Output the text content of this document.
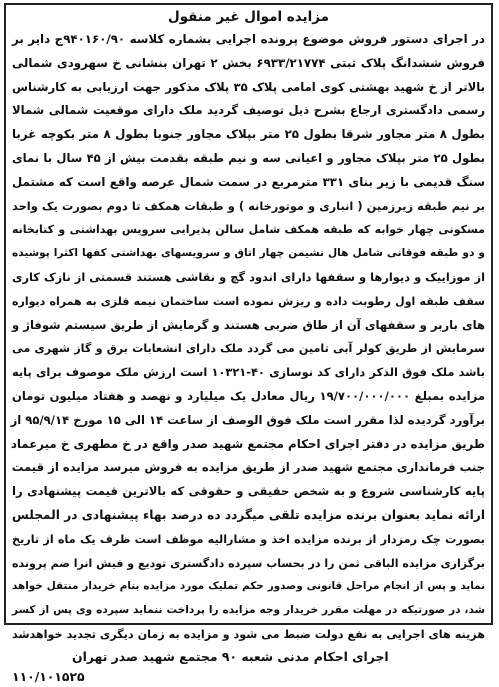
مزایده اموال غیر منقول
در اجرای دستور فروش موضوع پرونده اجرایی بشماره کلاسه ۹۴۰۱۶۰/۹۰ج دایر بر
فروش ششدانگ پلاک ثبتی ۶۹۳۳/۲۱۷۷۴ بخش ۲ تهران بنشانی خ سهرودی شمالی
بالاتر از خ شهید بهشتی کوی امامی پلاک ۳۵ پلاک مذکور جهت ارزیابی به کارشناس
رسمی دادگستری ارجاع بشرح ذیل توصیف گردید ملک دارای موقعیت شمالی شمالا
بطول ۸ متر مجاور شرقا بطول ۲۵ متر بپلاک مجاور جنوبا بطول ۸ متر بکوچه غربا
بطول ۲۵ متر بپلاک مجاور و اعیانی سه و نیم طبقه بقدمت بیش از ۴۵ سال با نمای
سنگ قدیمی با زیر بنای ۳۳۱ مترمربع در سمت شمال عرصه واقع است که مشتمل
بر نیم طبقه زیرزمین ( انباری و موتورخانه ) و طبقات همکف تا دوم بصورت یک واحد
مسکونی چهار خوابه که طبقه همکف شامل سالن پذیرایی سرویس بهداشتی و کتابخانه
و دو طبقه فوقانی شامل هال نشیمن چهار اتاق و سرویسهای بهداشتی کفها اکثرا پوشیده
از موزاییک و دیوارها و سقفها دارای اندود گچ و نقاشی هستند قسمتی از نازک کاری
سقف طبقه اول رطوبت داده و ریزش نموده است ساختمان نیمه فلزی به همراه دیواره
های باربر و سقفهای آن از طاق ضربی هستند و گرمایش از طریق سیستم شوفاژ و
سرمایش از طریق کولر آبی تامین می گردد ملک دارای انشعابات برق و گاز شهری می
باشد ملک فوق الذکر دارای کد نوسازی ۴۰-۱۰۳۲۱ است ارزش ملک موصوف برای پایه
مزایده بمبلغ ۱۹/۷۰۰/۰۰۰/۰۰۰ ریال معادل یک میلیارد و نهصد و هفتاد میلیون تومان
برآورد گردیده لذا مقرر است ملک فوق الوصف از ساعت ۱۴ الی ۱۵ مورخ ۹۵/۹/۱۴ از
طریق مزایده در دفتر اجرای احکام مجتمع شهید صدر واقع در خ مطهری خ میرعماد
جنب فرمانداری مجتمع شهید صدر از طریق مزایده به فروش میرسد مزایده از قیمت
پایه کارشناسی شروع و به شخص حقیقی و حقوقی که بالاترین قیمت پیشنهادی را
ارائه نماید بعنوان برنده مزایده تلقی میگردد ده درصد بهاء پیشنهادی در المجلس
بصورت چک رمزدار از برنده مزایده اخذ و مشارالیه موظف است ظرف یک ماه از تاریخ
برگزاری مزایده الباقی ثمن را در بحساب سپرده دادگستری تودیع و فیش انرا ضم پرونده
نماید و پس از انجام مراحل قانونی وصدور حکم تملیک مورد مزایده بنام خریدار منتقل خواهد
شد، در صورتیکه در مهلت مقرر خریدار وجه مزایده را پرداخت ننماید سپرده وی پس از کسر
هزینه های اجرایی به نفع دولت ضبط می شود و مزایده به زمان دیگری تجدید خواهدشد
اجرای احکام مدنی شعبه ۹۰ مجتمع شهید صدر تهران
۱۱۰/۱۰۱۵۲۵
